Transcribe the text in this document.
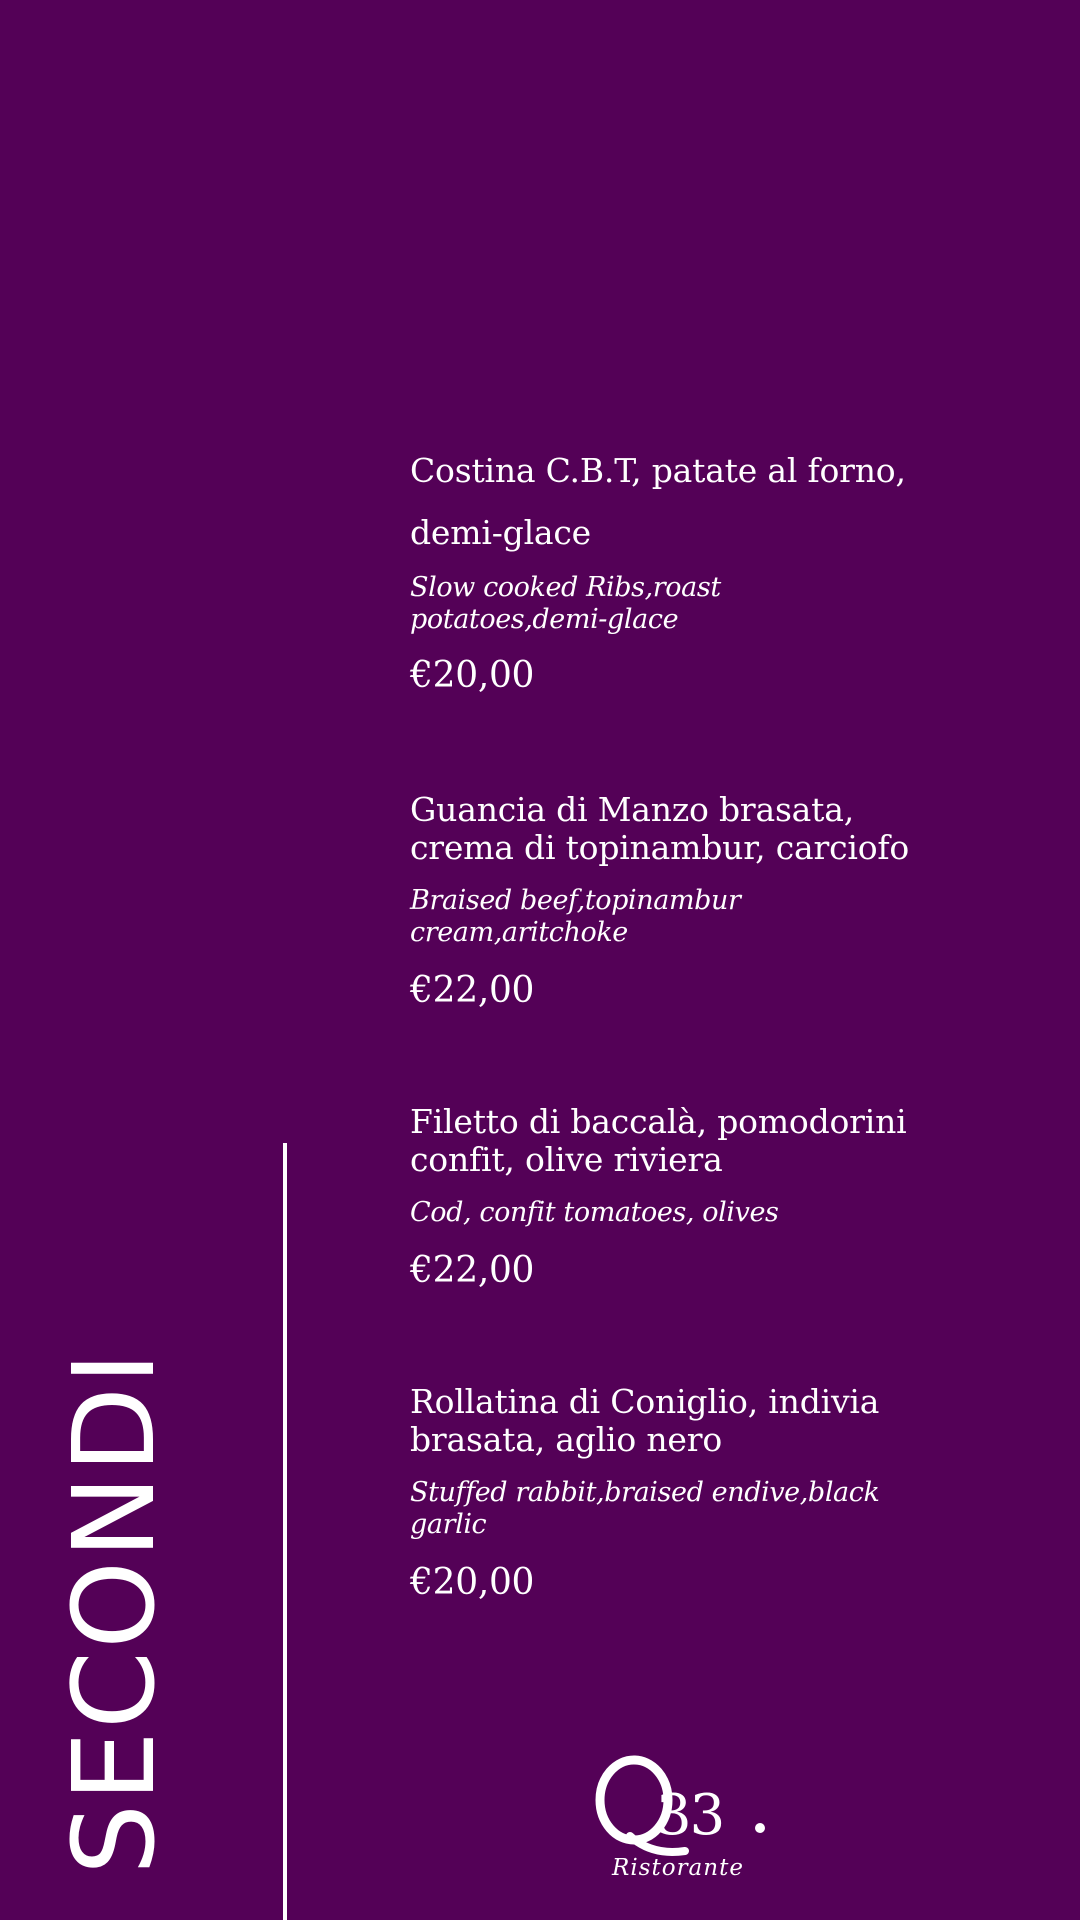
Costina C.B.T, patate al forno,
demi-glace

Slow cooked Ribs,roast
potatoes,demi-glace

€20,00

Guancia di Manzo brasata,
crema di topinambur, carciofo

Braised beef,topinambur
cream,aritchoke

€22,00

Filetto di baccalà, pomodorini
confit, olive riviera

Cod, confit tomatoes, olives

€22,00

Rollatina di Coniglio, indivia
brasata, aglio nero

Stuffed rabbit,braised endive,black
garlic

€20,00

SECONDI	33
Ristorante
